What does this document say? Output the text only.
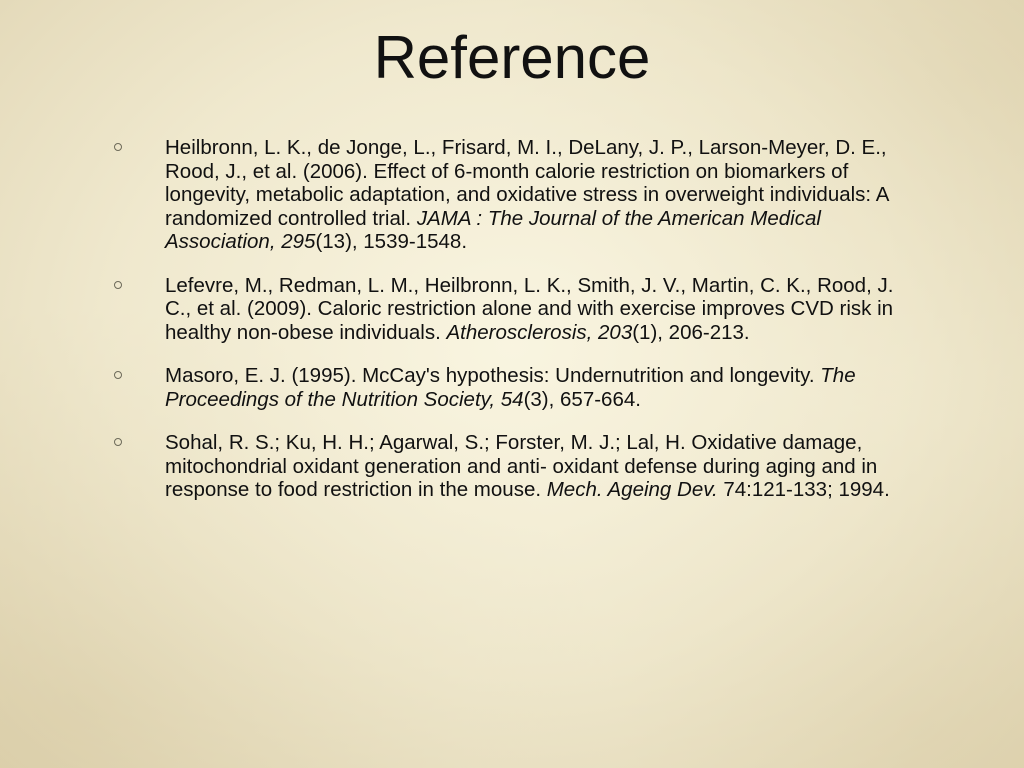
Reference
Heilbronn, L. K., de Jonge, L., Frisard, M. I., DeLany, J. P., Larson-Meyer, D. E., Rood, J., et al. (2006). Effect of 6-month calorie restriction on biomarkers of longevity, metabolic adaptation, and oxidative stress in overweight individuals: A randomized controlled trial. JAMA : The Journal of the American Medical Association, 295(13), 1539-1548.
Lefevre, M., Redman, L. M., Heilbronn, L. K., Smith, J. V., Martin, C. K., Rood, J. C., et al. (2009). Caloric restriction alone and with exercise improves CVD risk in healthy non-obese individuals. Atherosclerosis, 203(1), 206-213.
Masoro, E. J. (1995). McCay's hypothesis: Undernutrition and longevity. The Proceedings of the Nutrition Society, 54(3), 657-664.
Sohal, R. S.; Ku, H. H.; Agarwal, S.; Forster, M. J.; Lal, H. Oxidative damage, mitochondrial oxidant generation and anti- oxidant defense during aging and in response to food restriction in the mouse. Mech. Ageing Dev. 74:121-133; 1994.
